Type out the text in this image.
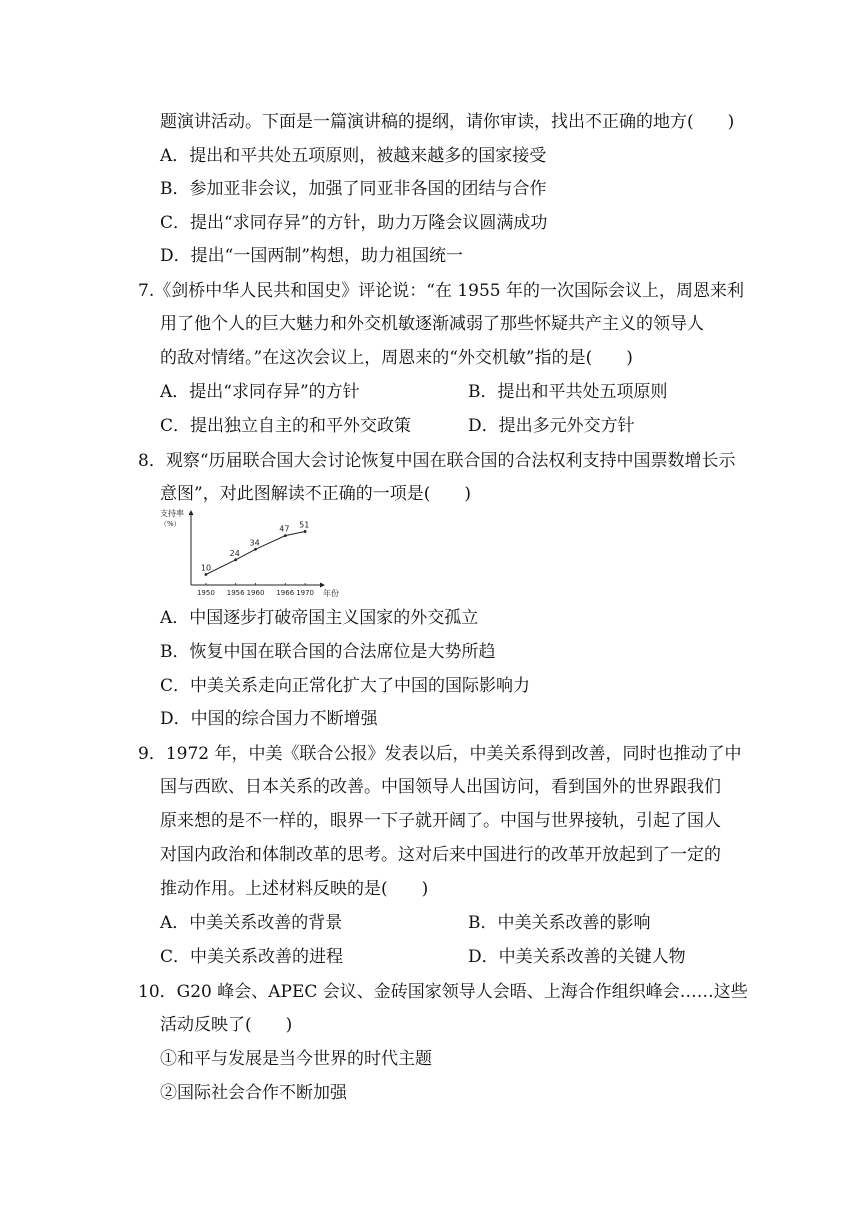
题演讲活动。下面是一篇演讲稿的提纲，请你审读，找出不正确的地方(　　)
A．提出和平共处五项原则，被越来越多的国家接受
B．参加亚非会议，加强了同亚非各国的团结与合作
C．提出“求同存异”的方针，助力万隆会议圆满成功
D．提出“一国两制”构想，助力祖国统一
7.《剑桥中华人民共和国史》评论说：“在 1955 年的一次国际会议上，周恩来利
用了他个人的巨大魅力和外交机敏逐渐减弱了那些怀疑共产主义的领导人
的敌对情绪。”在这次会议上，周恩来的“外交机敏”指的是(　　)
A．提出“求同存异”的方针	B．提出和平共处五项原则
C．提出独立自主的和平外交政策	D．提出多元外交方针
8．观察“历届联合国大会讨论恢复中国在联合国的合法权利支持中国票数增长示
意图”，对此图解读不正确的一项是(　　)
1950 1956 1960 1966 1970
10
24
34
47 51
支持率
（%）
年份
A．中国逐步打破帝国主义国家的外交孤立
B．恢复中国在联合国的合法席位是大势所趋
C．中美关系走向正常化扩大了中国的国际影响力
D．中国的综合国力不断增强
9．1972 年，中美《联合公报》发表以后，中美关系得到改善，同时也推动了中
国与西欧、日本关系的改善。中国领导人出国访问，看到国外的世界跟我们
原来想的是不一样的，眼界一下子就开阔了。中国与世界接轨，引起了国人
对国内政治和体制改革的思考。这对后来中国进行的改革开放起到了一定的
推动作用。上述材料反映的是(　　)
A．中美关系改善的背景	B．中美关系改善的影响
C．中美关系改善的进程	D．中美关系改善的关键人物
10．G20 峰会、APEC 会议、金砖国家领导人会晤、上海合作组织峰会……这些
活动反映了(　　)
①和平与发展是当今世界的时代主题
②国际社会合作不断加强
